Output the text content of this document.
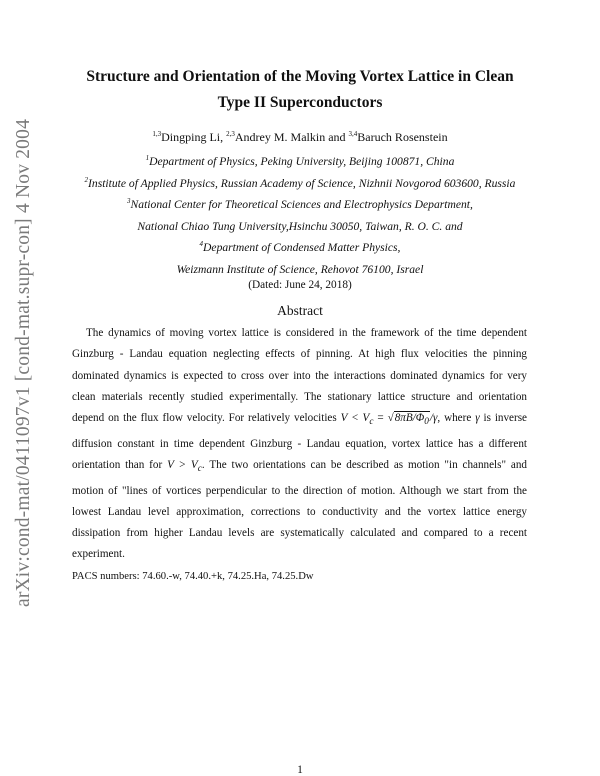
arXiv:cond-mat/0411097v1 [cond-mat.supr-con] 4 Nov 2004
Structure and Orientation of the Moving Vortex Lattice in Clean
Type II Superconductors
$^{1,3}$Dingping Li, $^{2,3}$Andrey M. Malkin and $^{3,4}$Baruch Rosenstein
$^1$Department of Physics, Peking University, Beijing 100871, China
$^2$Institute of Applied Physics, Russian Academy of Science, Nizhnii Novgorod 603600, Russia
$^3$National Center for Theoretical Sciences and Electrophysics Department,
National Chiao Tung University,Hsinchu 30050, Taiwan, R. O. C. and
$^4$Department of Condensed Matter Physics,
Weizmann Institute of Science, Rehovot 76100, Israel
(Dated: June 24, 2018)
Abstract

The dynamics of moving vortex lattice is considered in the framework of the time dependent Ginzburg - Landau equation neglecting effects of pinning. At high flux velocities the pinning dominated dynamics is expected to cross over into the interactions dominated dynamics for very clean materials recently studied experimentally. The stationary lattice structure and orientation depend on the flux flow velocity. For relatively velocities $V < V_c = √8\pi B/\Phi_0/\gamma$, where γ is inverse diffusion constant in time dependent Ginzburg - Landau equation, vortex lattice has a different orientation than for $V > V_c$. The two orientations can be described as motion "in channels" and motion of "lines of vortices perpendicular to the direction of motion. Although we start from the lowest Landau level approximation, corrections to conductivity and the vortex lattice energy dissipation from higher Landau levels are systematically calculated and compared to a recent experiment.

PACS numbers: 74.60.-w, 74.40.+k, 74.25.Ha, 74.25.Dw
1
